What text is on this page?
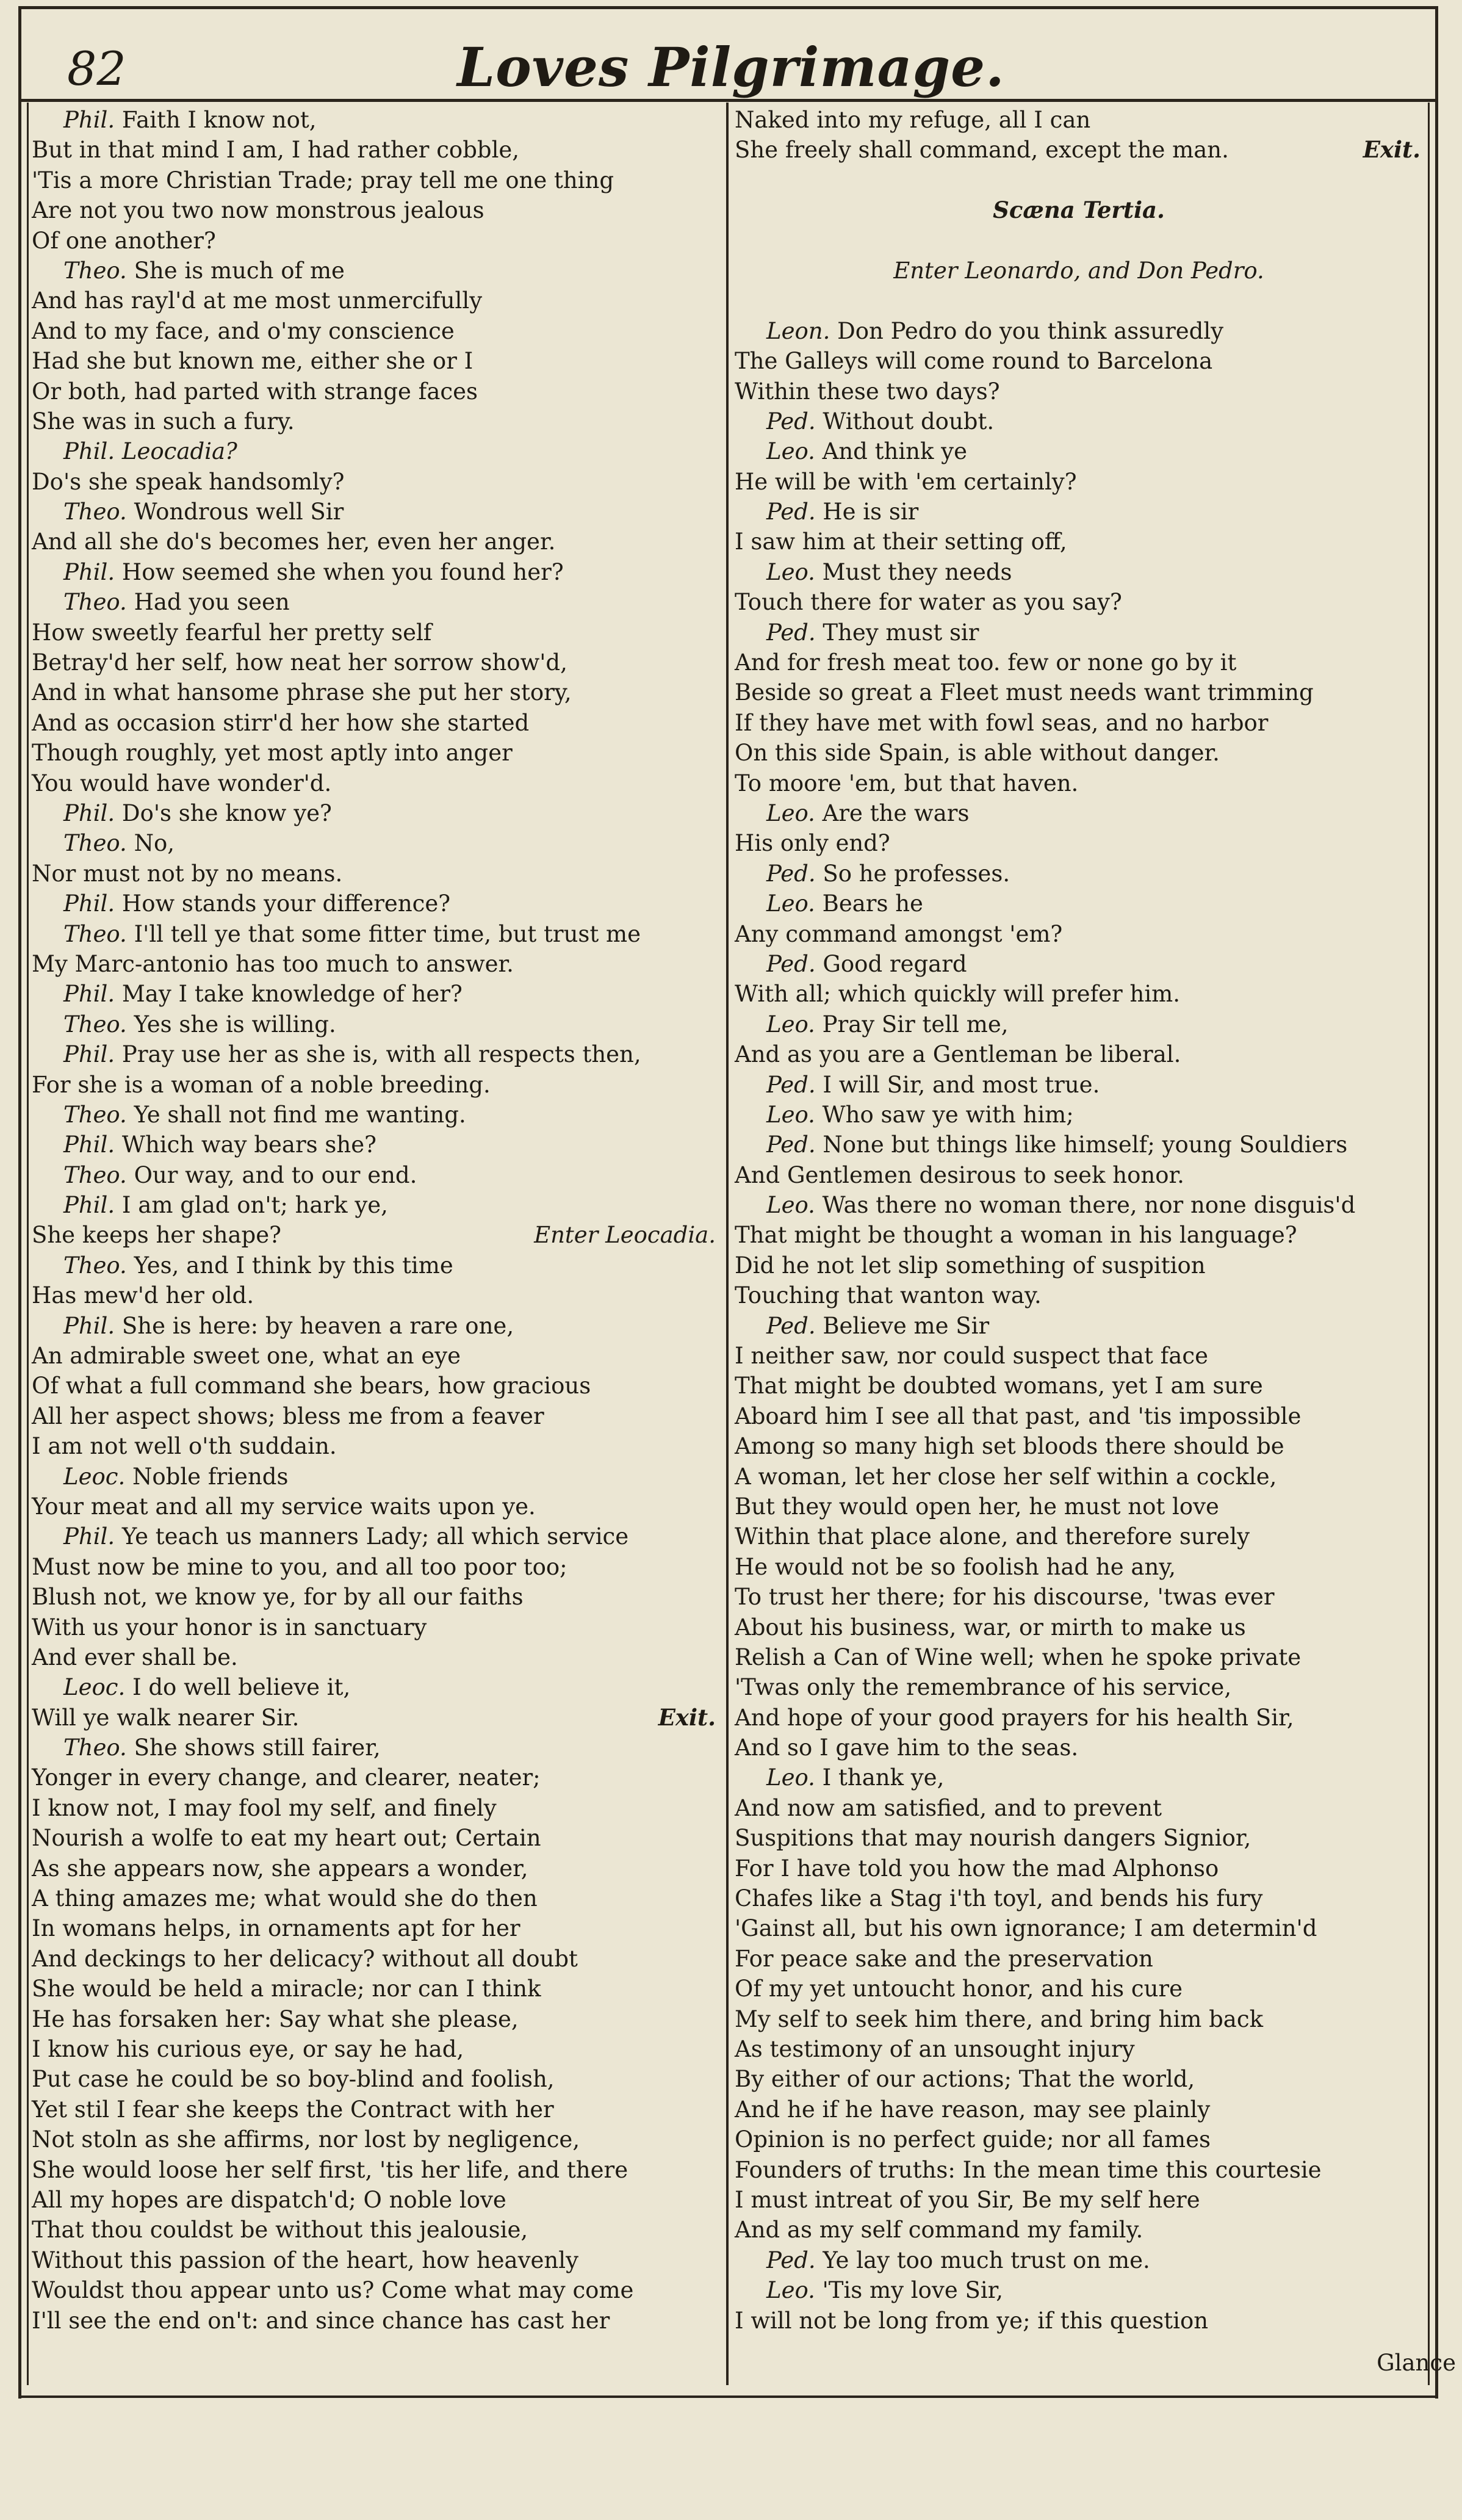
82	Loves Pilgrimage.
Phil. Faith I know not,
But in that mind I am, I had rather cobble,
'Tis a more Christian Trade; pray tell me one thing
Are not you two now monstrous jealous
Of one another?
Theo. She is much of me
And has rayl'd at me most unmercifully
And to my face, and o'my conscience
Had she but known me, either she or I
Or both, had parted with strange faces
She was in such a fury.
Phil. Leocadia?
Do's she speak handsomly?
Theo. Wondrous well Sir
And all she do's becomes her, even her anger.
Phil. How seemed she when you found her?
Theo. Had you seen
How sweetly fearful her pretty self
Betray'd her self, how neat her sorrow show'd,
And in what hansome phrase she put her story,
And as occasion stirr'd her how she started
Though roughly, yet most aptly into anger
You would have wonder'd.
Phil. Do's she know ye?
Theo. No,
Nor must not by no means.
Phil. How stands your difference?
Theo. I'll tell ye that some fitter time, but trust me
My Marc-antonio has too much to answer.
Phil. May I take knowledge of her?
Theo. Yes she is willing.
Phil. Pray use her as she is, with all respects then,
For she is a woman of a noble breeding.
Theo. Ye shall not find me wanting.
Phil. Which way bears she?
Theo. Our way, and to our end.
Phil. I am glad on't; hark ye,
She keeps her shape?	Enter Leocadia.
Theo. Yes, and I think by this time
Has mew'd her old.
Phil. She is here: by heaven a rare one,
An admirable sweet one, what an eye
Of what a full command she bears, how gracious
All her aspect shows; bless me from a feaver
I am not well o'th suddain.
Leoc. Noble friends
Your meat and all my service waits upon ye.
Phil. Ye teach us manners Lady; all which service
Must now be mine to you, and all too poor too;
Blush not, we know ye, for by all our faiths
With us your honor is in sanctuary
And ever shall be.
Leoc. I do well believe it,
Will ye walk nearer Sir.	Exit.
Theo. She shows still fairer,
Yonger in every change, and clearer, neater;
I know not, I may fool my self, and finely
Nourish a wolfe to eat my heart out; Certain
As she appears now, she appears a wonder,
A thing amazes me; what would she do then
In womans helps, in ornaments apt for her
And deckings to her delicacy? without all doubt
She would be held a miracle; nor can I think
He has forsaken her: Say what she please,
I know his curious eye, or say he had,
Put case he could be so boy-blind and foolish,
Yet stil I fear she keeps the Contract with her
Not stoln as she affirms, nor lost by negligence,
She would loose her self first, 'tis her life, and there
All my hopes are dispatch'd; O noble love
That thou couldst be without this jealousie,
Without this passion of the heart, how heavenly
Wouldst thou appear unto us? Come what may come
I'll see the end on't: and since chance has cast her
Naked into my refuge, all I can
She freely shall command, except the man.	Exit.
Scæna Tertia.
Enter Leonardo, and Don Pedro.
Leon. Don Pedro do you think assuredly
The Galleys will come round to Barcelona
Within these two days?
Ped. Without doubt.
Leo. And think ye
He will be with 'em certainly?
Ped. He is sir
I saw him at their setting off,
Leo. Must they needs
Touch there for water as you say?
Ped. They must sir
And for fresh meat too. few or none go by it
Beside so great a Fleet must needs want trimming
If they have met with fowl seas, and no harbor
On this side Spain, is able without danger.
To moore 'em, but that haven.
Leo. Are the wars
His only end?
Ped. So he professes.
Leo. Bears he
Any command amongst 'em?
Ped. Good regard
With all; which quickly will prefer him.
Leo. Pray Sir tell me,
And as you are a Gentleman be liberal.
Ped. I will Sir, and most true.
Leo. Who saw ye with him;
Ped. None but things like himself; young Souldiers
And Gentlemen desirous to seek honor.
Leo. Was there no woman there, nor none disguis'd
That might be thought a woman in his language?
Did he not let slip something of suspition
Touching that wanton way.
Ped. Believe me Sir
I neither saw, nor could suspect that face
That might be doubted womans, yet I am sure
Aboard him I see all that past, and 'tis impossible
Among so many high set bloods there should be
A woman, let her close her self within a cockle,
But they would open her, he must not love
Within that place alone, and therefore surely
He would not be so foolish had he any,
To trust her there; for his discourse, 'twas ever
About his business, war, or mirth to make us
Relish a Can of Wine well; when he spoke private
'Twas only the remembrance of his service,
And hope of your good prayers for his health Sir,
And so I gave him to the seas.
Leo. I thank ye,
And now am satisfied, and to prevent
Suspitions that may nourish dangers Signior,
For I have told you how the mad Alphonso
Chafes like a Stag i'th toyl, and bends his fury
'Gainst all, but his own ignorance; I am determin'd
For peace sake and the preservation
Of my yet untoucht honor, and his cure
My self to seek him there, and bring him back
As testimony of an unsought injury
By either of our actions; That the world,
And he if he have reason, may see plainly
Opinion is no perfect guide; nor all fames
Founders of truths: In the mean time this courtesie
I must intreat of you Sir, Be my self here
And as my self command my family.
Ped. Ye lay too much trust on me.
Leo. 'Tis my love Sir,
I will not be long from ye; if this question
Glance
